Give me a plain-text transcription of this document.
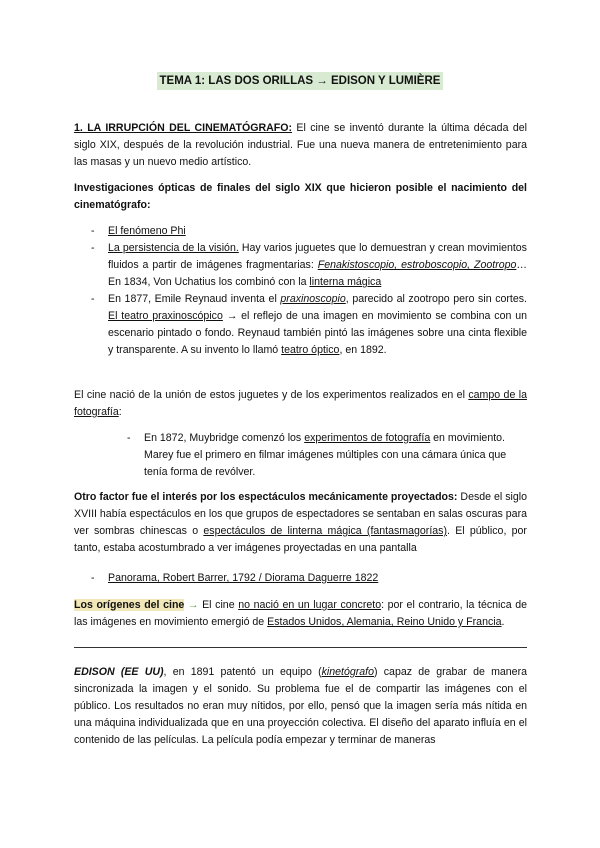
TEMA 1: LAS DOS ORILLAS → EDISON Y LUMIÈRE

1. LA IRRUPCIÓN DEL CINEMATÓGRAFO: El cine se inventó durante la última década del siglo XIX, después de la revolución industrial. Fue una nueva manera de entretenimiento para las masas y un nuevo medio artístico.

Investigaciones ópticas de finales del siglo XIX que hicieron posible el nacimiento del cinematógrafo:

- El fenómeno Phi
- La persistencia de la visión. Hay varios juguetes que lo demuestran y crean movimientos fluidos a partir de imágenes fragmentarias: Fenakistoscopio, estroboscopio, Zootropo… En 1834, Von Uchatius los combinó con la linterna mágica
- En 1877, Emile Reynaud inventa el praxinoscopio, parecido al zootropo pero sin cortes. El teatro praxinoscópico → el reflejo de una imagen en movimiento se combina con un escenario pintado o fondo. Reynaud también pintó las imágenes sobre una cinta flexible y transparente. A su invento lo llamó teatro óptico, en 1892.

El cine nació de la unión de estos juguetes y de los experimentos realizados en el campo de la fotografía:

- En 1872, Muybridge comenzó los experimentos de fotografía en movimiento. Marey fue el primero en filmar imágenes múltiples con una cámara única que tenía forma de revólver.

Otro factor fue el interés por los espectáculos mecánicamente proyectados: Desde el siglo XVIII había espectáculos en los que grupos de espectadores se sentaban en salas oscuras para ver sombras chinescas o espectáculos de linterna mágica (fantasmagorías). El público, por tanto, estaba acostumbrado a ver imágenes proyectadas en una pantalla

- Panorama, Robert Barrer, 1792 / Diorama Daguerre 1822

Los orígenes del cine → El cine no nació en un lugar concreto: por el contrario, la técnica de las imágenes en movimiento emergió de Estados Unidos, Alemania, Reino Unido y Francia.

EDISON (EE UU), en 1891 patentó un equipo (kinetógrafo) capaz de grabar de manera sincronizada la imagen y el sonido. Su problema fue el de compartir las imágenes con el público. Los resultados no eran muy nítidos, por ello, pensó que la imagen sería más nítida en una máquina individualizada que en una proyección colectiva. El diseño del aparato influía en el contenido de las películas. La película podía empezar y terminar de maneras
